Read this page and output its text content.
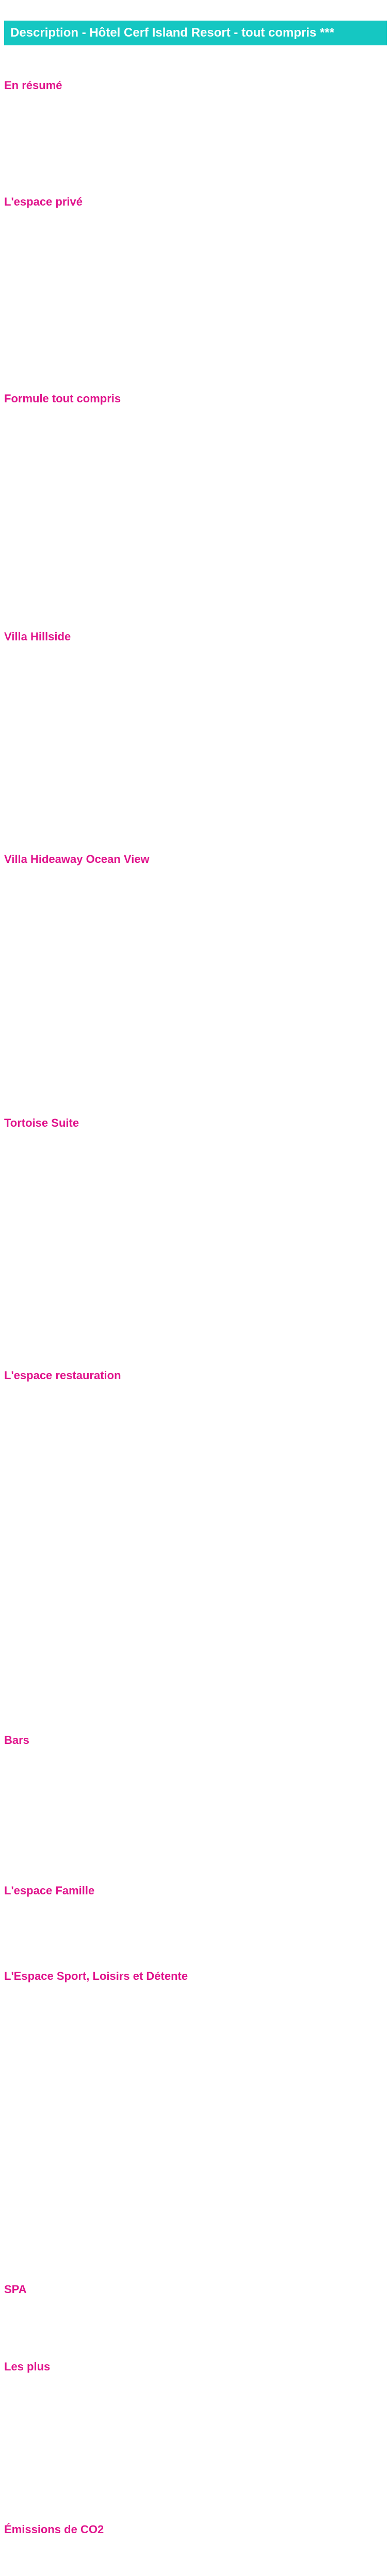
Description - Hôtel Cerf Island Resort - tout compris ***
En résumé
L'espace privé
Formule tout compris
Villa Hillside
Villa Hideaway Ocean View
Tortoise Suite
L'espace restauration
Bars
L'espace Famille
L'Espace Sport, Loisirs et Détente
SPA
Les plus
Émissions de CO2
